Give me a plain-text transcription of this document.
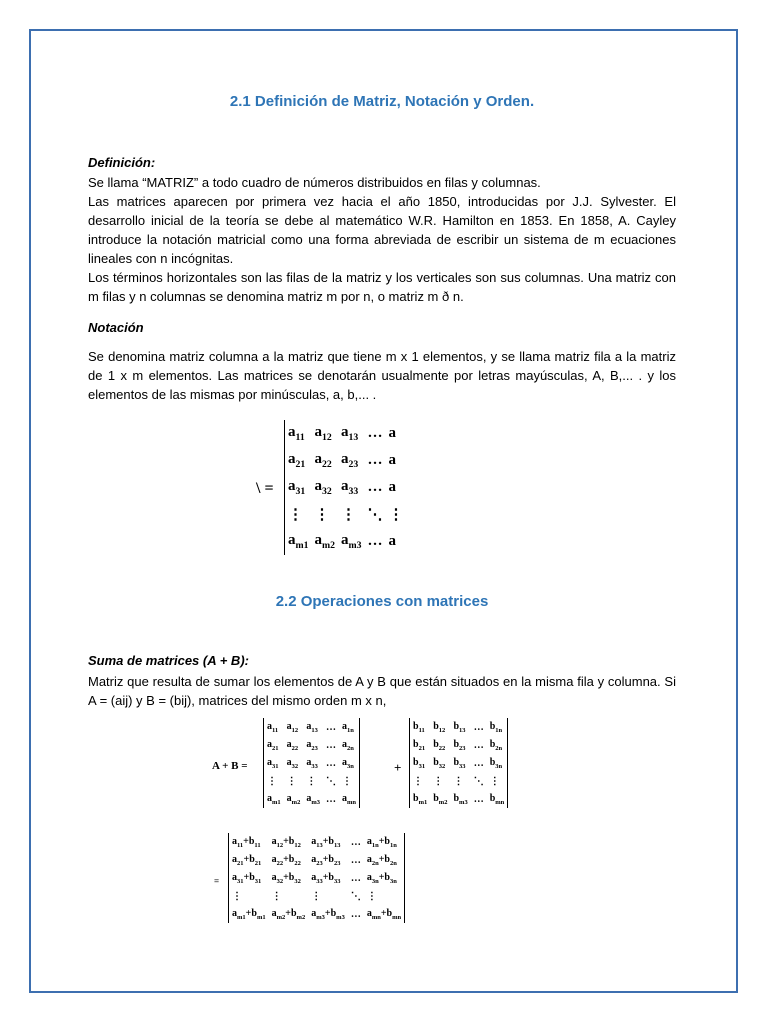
2.1 Definición de Matriz, Notación y Orden.
Definición:

Se llama “MATRIZ” a todo cuadro de números distribuidos en filas y columnas.

Las matrices aparecen por primera vez hacia el año 1850, introducidas por J.J. Sylvester. El desarrollo inicial de la teoría se debe al matemático W.R. Hamilton en 1853. En 1858, A. Cayley introduce la notación matricial como una forma abreviada de escribir un sistema de m ecuaciones lineales con n incógnitas.

Los términos horizontales son las filas de la matriz y los verticales son sus columnas. Una matriz con m filas y n columnas se denomina matriz m por n, o matriz m ð n.

Notación
Se denomina matriz columna a la matriz que tiene m x 1 elementos, y se llama matriz fila a la matriz de 1 x m elementos. Las matrices se denotarán usualmente por letras mayúsculas, A, B,... . y los elementos de las mismas por minúsculas, a, b,... .
\ =
$a_{11}$	$a_{12}$	$a_{13}$	…	a
$a_{21}$	$a_{22}$	$a_{23}$	…	a
$a_{31}$	$a_{32}$	$a_{33}$	…	a
⋮	⋮	⋮	⋱	⋮
$a_{m1}$	$a_{m2}$	$a_{m3}$	…	a
2.2 Operaciones con matrices
Suma de matrices (A + B):
Matriz que resulta de sumar los elementos de A y B que están situados en la misma fila y columna. Si A = (aij) y B = (bij), matrices del mismo orden m x n,
A + B =
$a_{11}$	$a_{12}$	$a_{13}$	…	$a_{1n}$
$a_{21}$	$a_{22}$	$a_{23}$	…	$a_{2n}$
$a_{31}$	$a_{32}$	$a_{33}$	…	$a_{3n}$
⋮	⋮	⋮	⋱	⋮
$a_{m1}$	$a_{m2}$	$a_{m3}$	…	$a_{mn}$
+
$b_{11}$	$b_{12}$	$b_{13}$	…	$b_{1n}$
$b_{21}$	$b_{22}$	$b_{23}$	…	$b_{2n}$
$b_{31}$	$b_{32}$	$b_{33}$	…	$b_{3n}$
⋮	⋮	⋮	⋱	⋮
$b_{m1}$	$b_{m2}$	$b_{m3}$	…	$b_{mn}$
=
$a_{11}+b_{11}$	$a_{12}+b_{12}$	$a_{13}+b_{13}$	…	$a_{1n}+b_{1n}$
$a_{21}+b_{21}$	$a_{22}+b_{22}$	$a_{23}+b_{23}$	…	$a_{2n}+b_{2n}$
$a_{31}+b_{31}$	$a_{32}+b_{32}$	$a_{33}+b_{33}$	…	$a_{3n}+b_{3n}$
⋮	⋮	⋮	⋱	⋮
$a_{m1}+b_{m1}$	$a_{m2}+b_{m2}$	$a_{m3}+b_{m3}$	…	$a_{mn}+b_{mn}$
